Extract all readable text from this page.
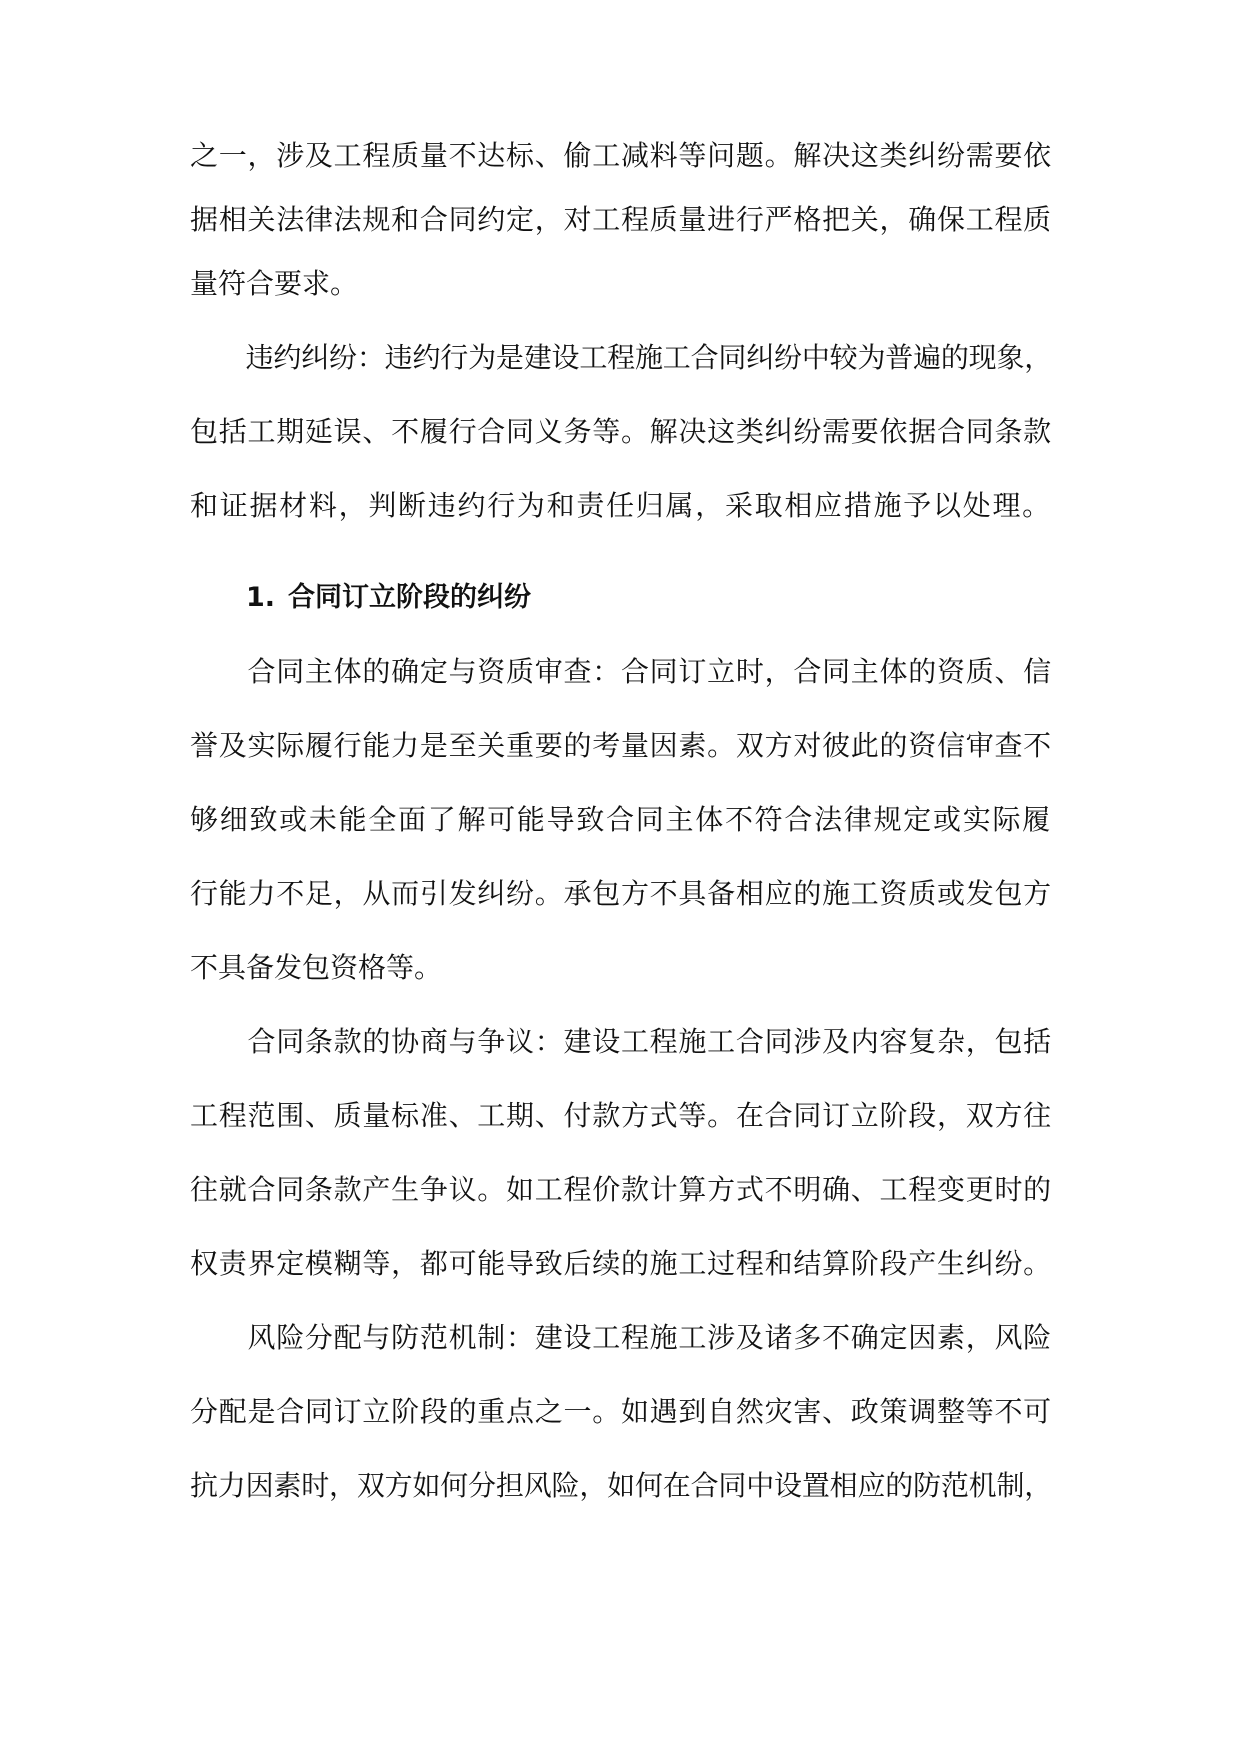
之一，涉及工程质量不达标、偷工减料等问题。解决这类纠纷需要依
据相关法律法规和合同约定，对工程质量进行严格把关，确保工程质
量符合要求。
　　违约纠纷：违约行为是建设工程施工合同纠纷中较为普遍的现象，
包括工期延误、不履行合同义务等。解决这类纠纷需要依据合同条款
和证据材料，判断违约行为和责任归属，采取相应措施予以处理。
1. 合同订立阶段的纠纷
　　合同主体的确定与资质审查：合同订立时，合同主体的资质、信
誉及实际履行能力是至关重要的考量因素。双方对彼此的资信审查不
够细致或未能全面了解可能导致合同主体不符合法律规定或实际履
行能力不足，从而引发纠纷。承包方不具备相应的施工资质或发包方
不具备发包资格等。
　　合同条款的协商与争议：建设工程施工合同涉及内容复杂，包括
工程范围、质量标准、工期、付款方式等。在合同订立阶段，双方往
往就合同条款产生争议。如工程价款计算方式不明确、工程变更时的
权责界定模糊等，都可能导致后续的施工过程和结算阶段产生纠纷。
　　风险分配与防范机制：建设工程施工涉及诸多不确定因素，风险
分配是合同订立阶段的重点之一。如遇到自然灾害、政策调整等不可
抗力因素时，双方如何分担风险，如何在合同中设置相应的防范机制，
